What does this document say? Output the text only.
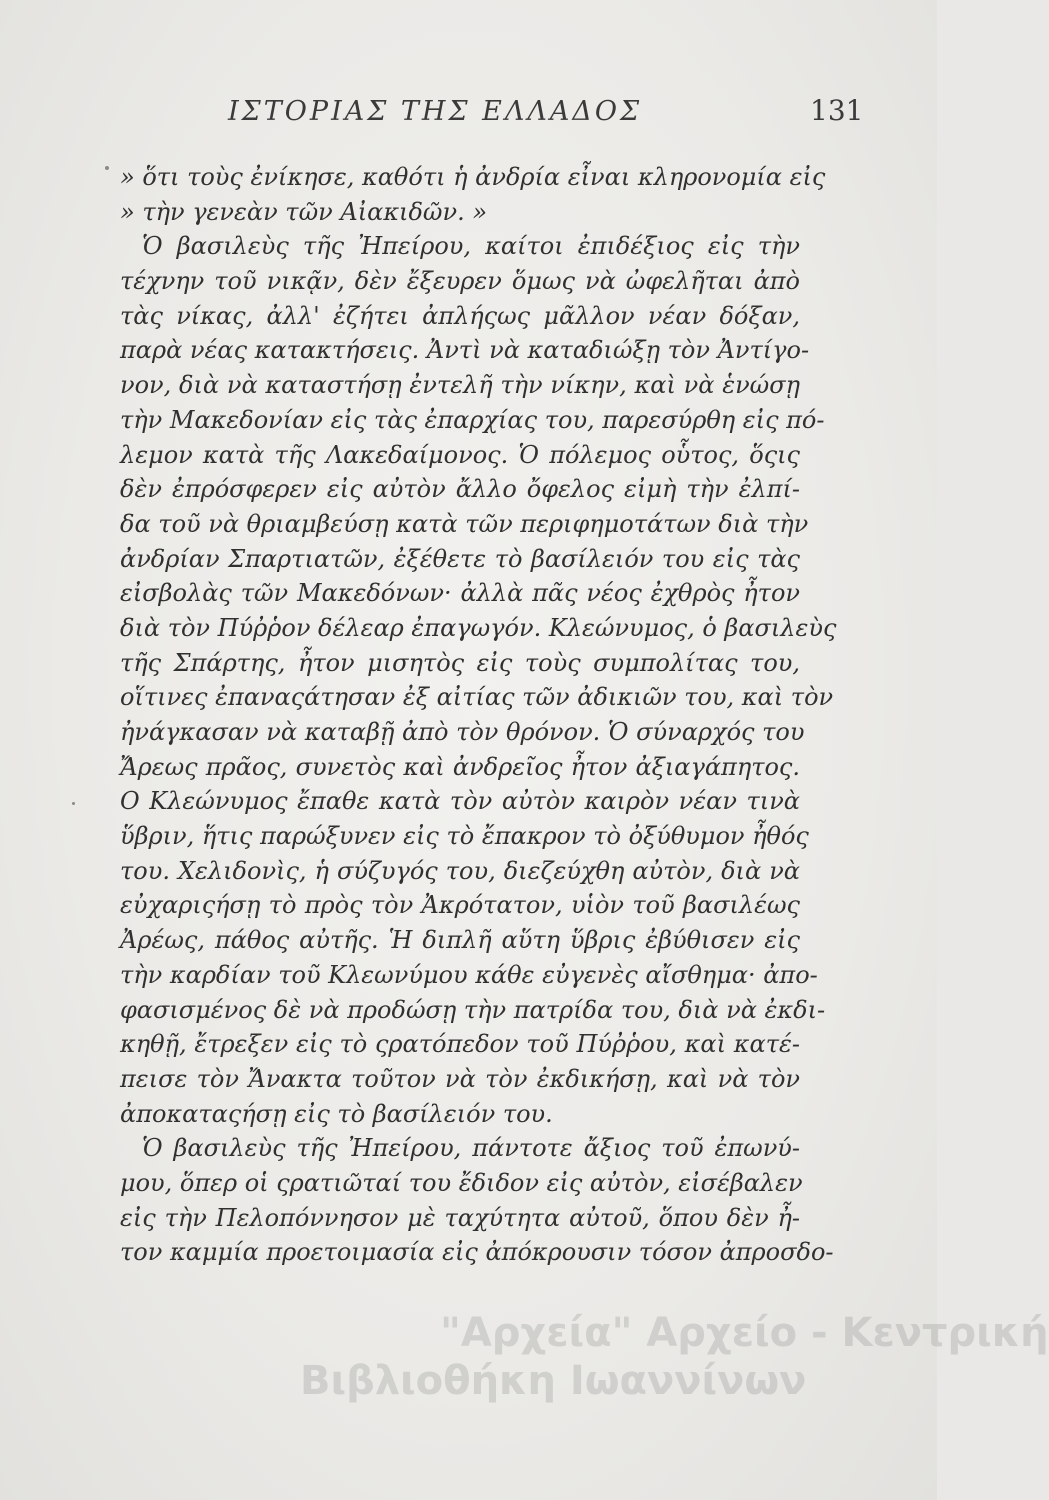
ΙΣΤΟΡΙΑΣ ΤΗΣ ΕΛΛΑΔΟΣ	131
» ὅτι τοὺς ἐνίκησε, καθότι ἡ ἀνδρία εἶναι κληρονομία εἰς
» τὴν γενεὰν τῶν Αἰακιδῶν. »
Ὁ βασιλεὺς τῆς Ἠπείρου, καίτοι ἐπιδέξιος εἰς τὴν
τέχνην τοῦ νικᾷν, δὲν ἔξευρεν ὅμως νὰ ὠφελῆται ἀπὸ
τὰς νίκας, ἀλλ' ἐζήτει ἀπλήςως μᾶλλον νέαν δόξαν,
παρὰ νέας κατακτήσεις. Ἀντὶ νὰ καταδιώξῃ τὸν Ἀντίγο-
νον, διὰ νὰ καταστήσῃ ἐντελῆ τὴν νίκην, καὶ νὰ ἑνώσῃ
τὴν Μακεδονίαν εἰς τὰς ἐπαρχίας του, παρεσύρθη εἰς πό-
λεμον κατὰ τῆς Λακεδαίμονος. Ὁ πόλεμος οὗτος, ὅςις
δὲν ἐπρόσφερεν εἰς αὐτὸν ἄλλο ὄφελος εἰμὴ τὴν ἐλπί-
δα τοῦ νὰ θριαμβεύσῃ κατὰ τῶν περιφημοτάτων διὰ τὴν
ἀνδρίαν Σπαρτιατῶν, ἐξέθετε τὸ βασίλειόν του εἰς τὰς
εἰσβολὰς τῶν Μακεδόνων· ἀλλὰ πᾶς νέος ἐχθρὸς ἦτον
διὰ τὸν Πύῤῥον δέλεαρ ἐπαγωγόν. Κλεώνυμος, ὁ βασιλεὺς
τῆς Σπάρτης, ἦτον μισητὸς εἰς τοὺς συμπολίτας του,
οἵτινες ἐπαναςάτησαν ἐξ αἰτίας τῶν ἀδικιῶν του, καὶ τὸν
ἠνάγκασαν νὰ καταβῇ ἀπὸ τὸν θρόνον. Ὁ σύναρχός του
Ἄρεως πρᾶος, συνετὸς καὶ ἀνδρεῖος ἦτον ἀξιαγάπητος.
Ο Κλεώνυμος ἔπαθε κατὰ τὸν αὐτὸν καιρὸν νέαν τινὰ
ὕβριν, ἥτις παρώξυνεν εἰς τὸ ἔπακρον τὸ ὀξύθυμον ἦθός
του. Χελιδονὶς, ἡ σύζυγός του, διεζεύχθη αὐτὸν, διὰ νὰ
εὐχαριςήσῃ τὸ πρὸς τὸν Ἀκρότατον, υἱὸν τοῦ βασιλέως
Ἀρέως, πάθος αὐτῆς. Ἡ διπλῆ αὕτη ὕβρις ἐβύθισεν εἰς
τὴν καρδίαν τοῦ Κλεωνύμου κάθε εὐγενὲς αἴσθημα· ἀπο-
φασισμένος δὲ νὰ προδώσῃ τὴν πατρίδα του, διὰ νὰ ἐκδι-
κηθῇ, ἔτρεξεν εἰς τὸ ςρατόπεδον τοῦ Πύῤῥου, καὶ κατέ-
πεισε τὸν Ἄνακτα τοῦτον νὰ τὸν ἐκδικήσῃ, καὶ νὰ τὸν
ἀποκαταςήσῃ εἰς τὸ βασίλειόν του.
Ὁ βασιλεὺς τῆς Ἠπείρου, πάντοτε ἄξιος τοῦ ἐπωνύ-
μου, ὅπερ οἱ ςρατιῶταί του ἔδιδον εἰς αὐτὸν, εἰσέβαλεν
εἰς τὴν Πελοπόννησον μὲ ταχύτητα αὐτοῦ, ὅπου δὲν ἦ-
τον καμμία προετοιμασία εἰς ἀπόκρουσιν τόσον ἀπροσδο-
"Αρχεία" Αρχείο - Κεντρική
Βιβλιοθήκη Ιωαννίνων
